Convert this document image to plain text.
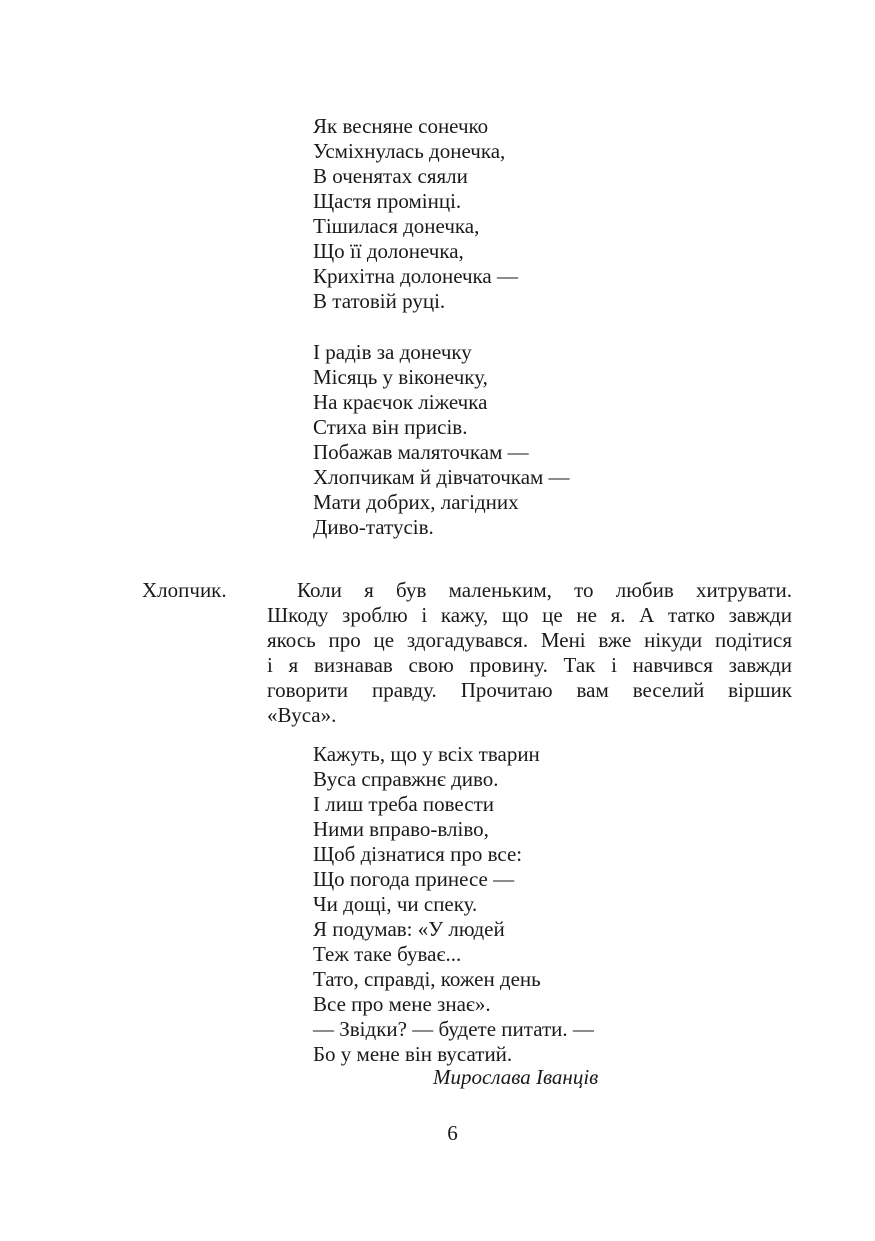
Як весняне сонечко
Усміхнулась донечка,
В оченятах сяяли
Щастя промінці.
Тішилася донечка,
Що її долонечка,
Крихітна долонечка —
В татовій руці.
І радів за донечку
Місяць у віконечку,
На краєчок ліжечка
Стиха він присів.
Побажав маляточкам —
Хлопчикам й дівчаточкам —
Мати добрих, лагідних
Диво-татусів.
Хлопчик.	Коли я був маленьким, то любив хитрувати.
Шкоду зроблю і кажу, що це не я. А татко завжди
якось про це здогадувався. Мені вже нікуди подітися
і я визнавав свою провину. Так і навчився завжди
говорити правду. Прочитаю вам веселий віршик
«Вуса».
Кажуть, що у всіх тварин
Вуса справжнє диво.
І лиш треба повести
Ними вправо-вліво,
Щоб дізнатися про все:
Що погода принесе —
Чи дощі, чи спеку.
Я подумав: «У людей
Теж таке буває...
Тато, справді, кожен день
Все про мене знає».
— Звідки? — будете питати. —
Бо у мене він вусатий.
Мирослава Іванців
6
